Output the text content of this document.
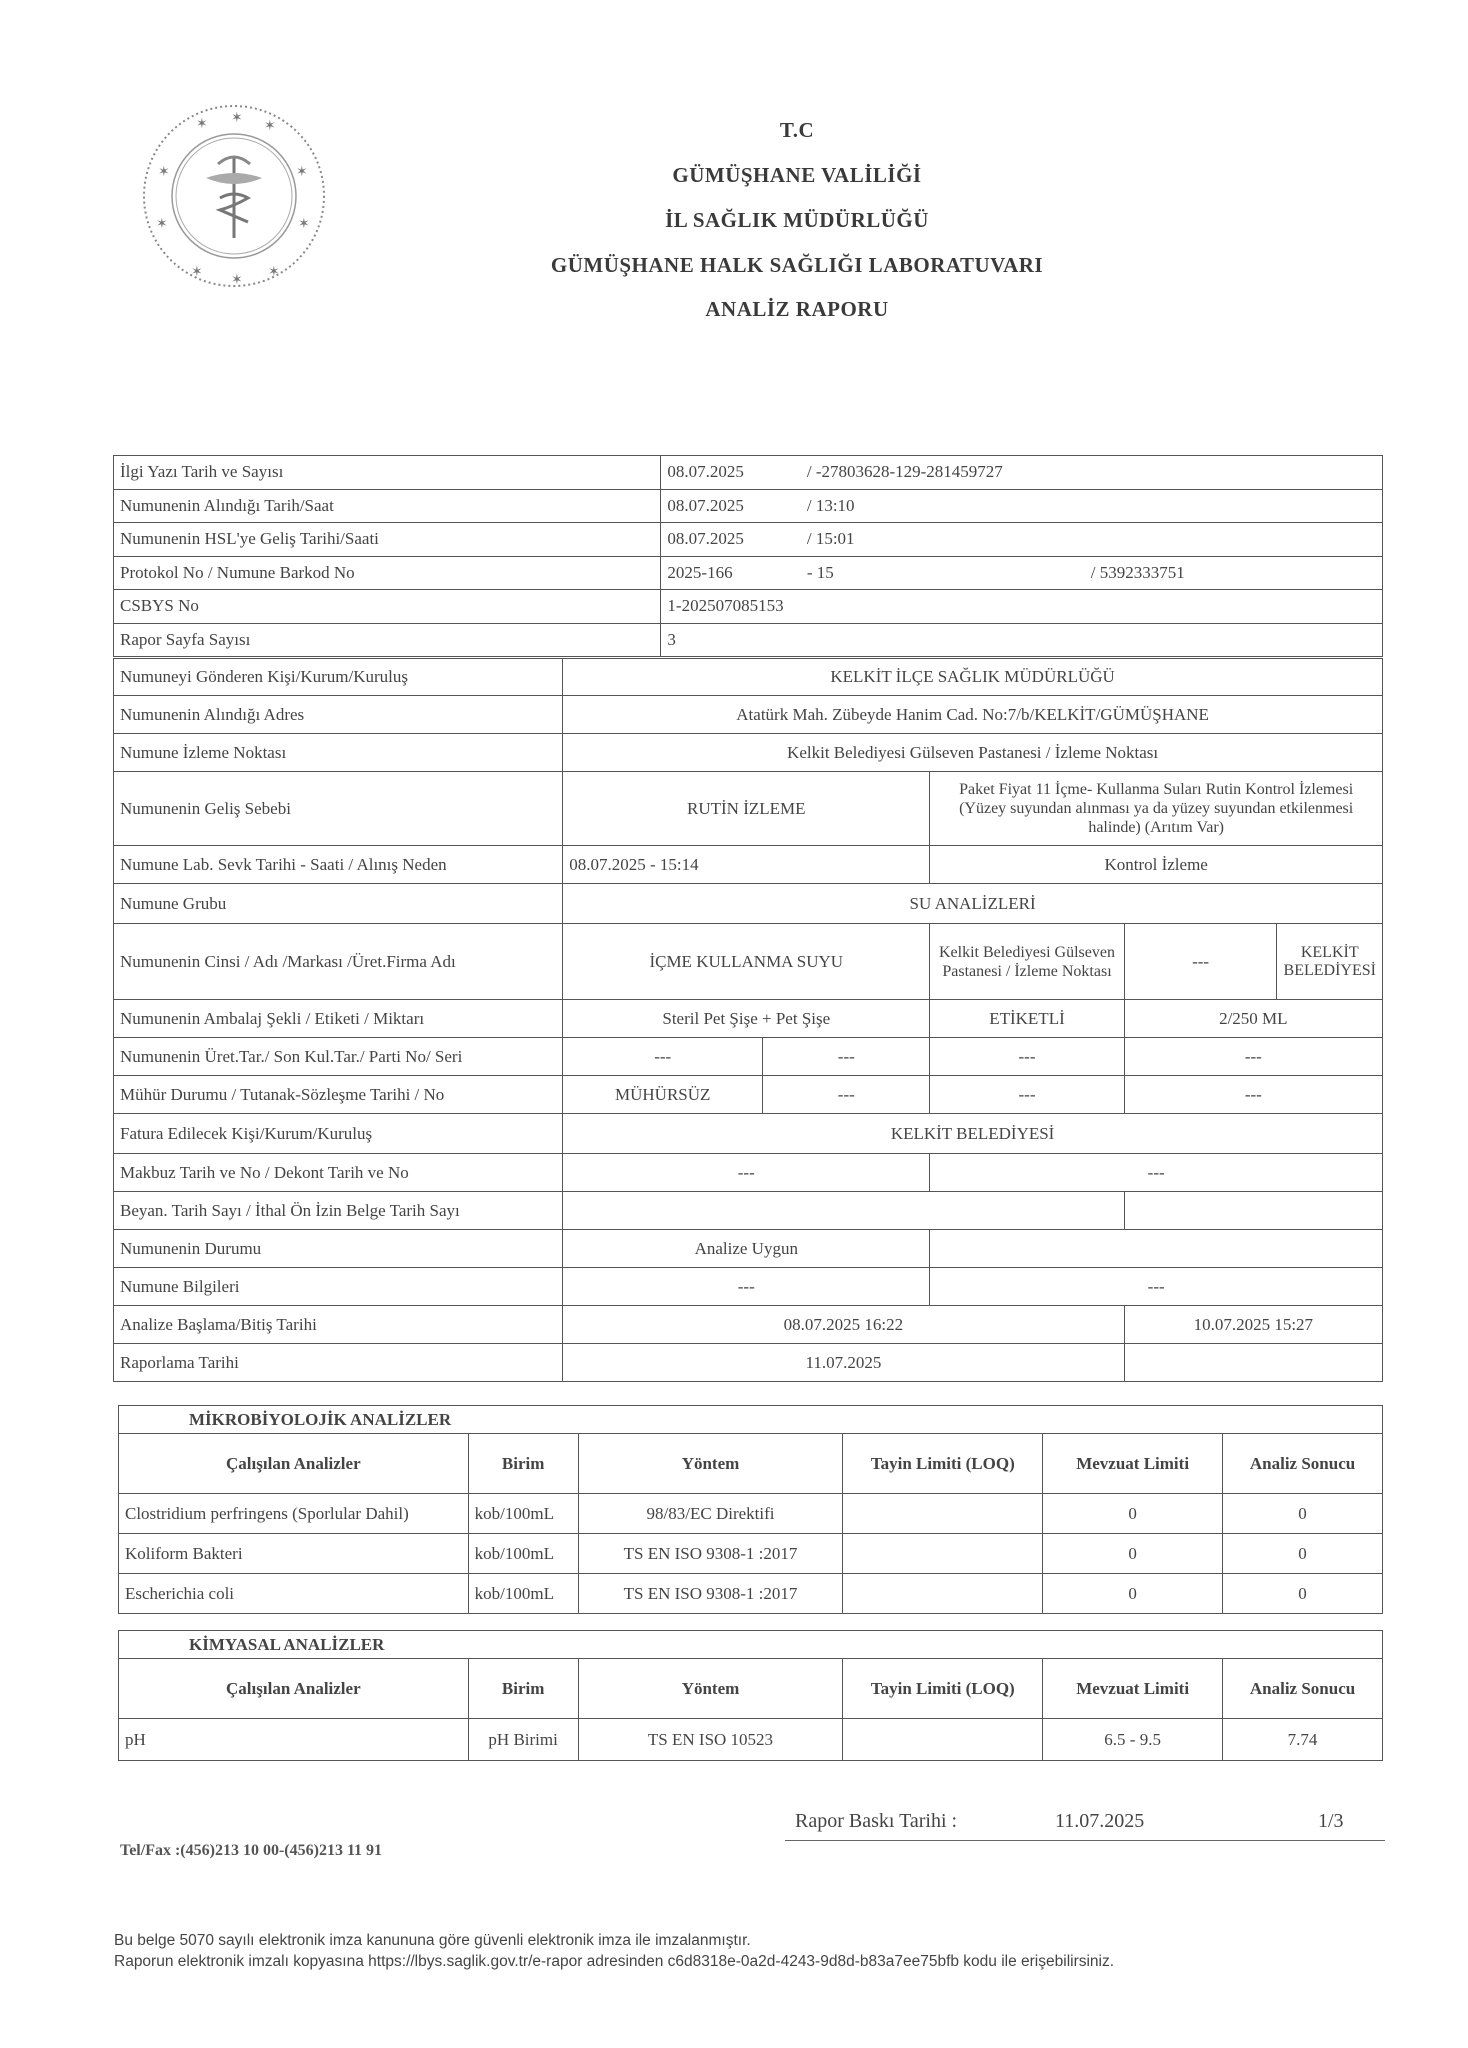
✶ ✶ ✶
✶	✶
✶	✶
✶ ✶ ✶
T.C
GÜMÜŞHANE VALİLİĞİ
İL SAĞLIK MÜDÜRLÜĞÜ
GÜMÜŞHANE HALK SAĞLIĞI LABORATUVARI
ANALİZ RAPORU
İlgi Yazı Tarih ve Sayısı	08.07.2025	/ -27803628-129-281459727	
Numunenin Alındığı Tarih/Saat	08.07.2025	/ 13:10	
Numunenin HSL'ye Geliş Tarihi/Saati	08.07.2025	/ 15:01	
Protokol No / Numune Barkod No	2025-166	- 15	/ 5392333751
CSBYS No	1-202507085153		
Rapor Sayfa Sayısı	3		
Numuneyi Gönderen Kişi/Kurum/Kuruluş	KELKİT İLÇE SAĞLIK MÜDÜRLÜĞÜ				
Numunenin Alındığı Adres	Atatürk Mah. Zübeyde Hanim Cad. No:7/b/KELKİT/GÜMÜŞHANE				
Numune İzleme Noktası	Kelkit Belediyesi Gülseven Pastanesi / İzleme Noktası				
Numunenin Geliş Sebebi	RUTİN İZLEME		Paket Fiyat 11 İçme- Kullanma Suları Rutin Kontrol İzlemesi (Yüzey suyundan alınması ya da yüzey suyundan etkilenmesi halinde) (Arıtım Var)		
Numune Lab. Sevk Tarihi - Saati / Alınış Neden	08.07.2025 - 15:14		Kontrol İzleme		
Numune Grubu	SU ANALİZLERİ				
Numunenin Cinsi / Adı /Markası /Üret.Firma Adı	İÇME KULLANMA SUYU		Kelkit Belediyesi Gülseven Pastanesi / İzleme Noktası	---	KELKİT BELEDİYESİ
Numunenin Ambalaj Şekli / Etiketi / Miktarı	Steril Pet Şişe + Pet Şişe		ETİKETLİ	2/250 ML	
Numunenin Üret.Tar./ Son Kul.Tar./ Parti No/ Seri	---	---	---	---	
Mühür Durumu / Tutanak-Sözleşme Tarihi / No	MÜHÜRSÜZ	---	---	---	
Fatura Edilecek Kişi/Kurum/Kuruluş	KELKİT BELEDİYESİ				
Makbuz Tarih ve No / Dekont Tarih ve No	---		---		
Beyan. Tarih Sayı / İthal Ön İzin Belge Tarih Sayı					
Numunenin Durumu	Analize Uygun				
Numune Bilgileri	---		---		
Analize Başlama/Bitiş Tarihi	08.07.2025 16:22			10.07.2025 15:27	
Raporlama Tarihi	11.07.2025				
MİKROBİYOLOJİK ANALİZLER					
Çalışılan Analizler	Birim	Yöntem	Tayin Limiti (LOQ)	Mevzuat Limiti	Analiz Sonucu
Clostridium perfringens (Sporlular Dahil)	kob/100mL	98/83/EC Direktifi		0	0
Koliform Bakteri	kob/100mL	TS EN ISO 9308-1 :2017		0	0
Escherichia coli	kob/100mL	TS EN ISO 9308-1 :2017		0	0
KİMYASAL ANALİZLER					
Çalışılan Analizler	Birim	Yöntem	Tayin Limiti (LOQ)	Mevzuat Limiti	Analiz Sonucu
pH	pH Birimi	TS EN ISO 10523		6.5 - 9.5	7.74
Rapor Baskı Tarihi :	11.07.2025	1/3
Tel/Fax :(456)213 10 00-(456)213 11 91
Bu belge 5070 sayılı elektronik imza kanununa göre güvenli elektronik imza ile imzalanmıştır.
Raporun elektronik imzalı kopyasına https://lbys.saglik.gov.tr/e-rapor adresinden c6d8318e-0a2d-4243-9d8d-b83a7ee75bfb kodu ile erişebilirsiniz.
